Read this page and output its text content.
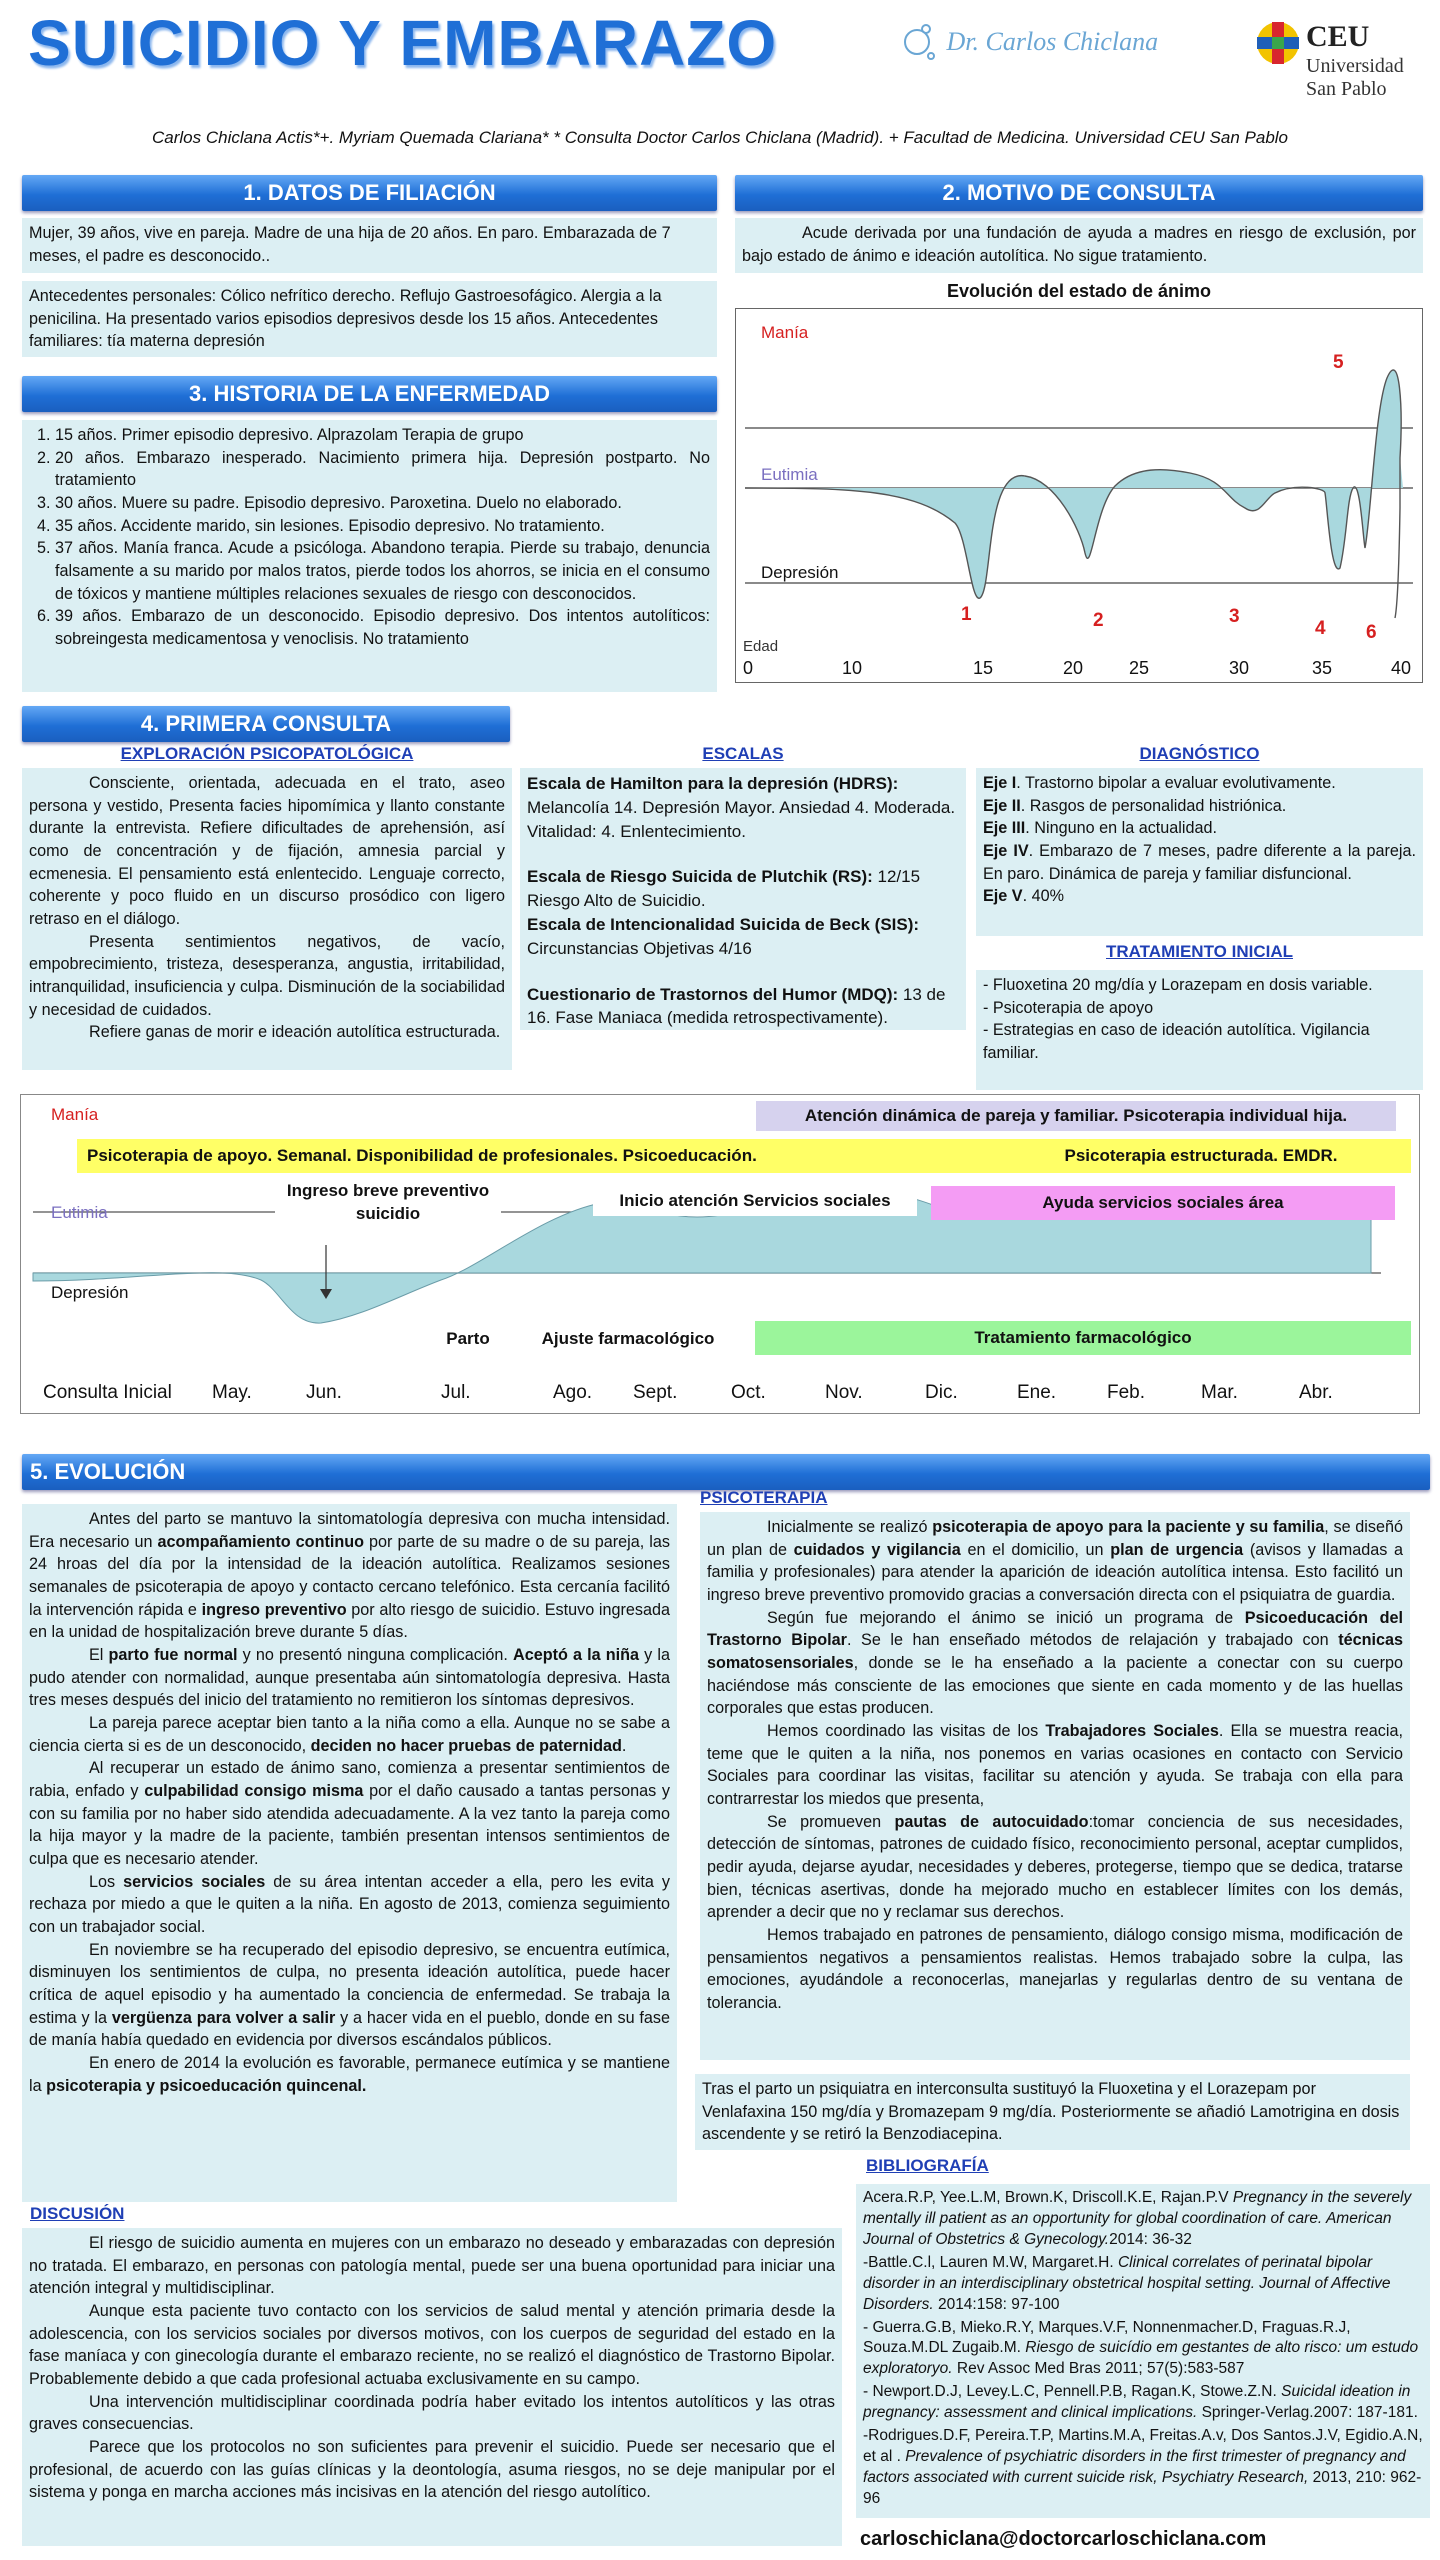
SUICIDIO Y EMBARAZO	Dr. Carlos Chiclana	CEU
Universidad
San Pablo
Carlos Chiclana Actis*+. Myriam Quemada Clariana* * Consulta Doctor Carlos Chiclana (Madrid). + Facultad de Medicina. Universidad CEU San Pablo
1. DATOS DE FILIACIÓN

Mujer, 39 años, vive en pareja. Madre de una hija de 20 años. En paro. Embarazada de 7 meses, el padre es desconocido..

Antecedentes personales: Cólico nefrítico derecho. Reflujo Gastroesofágico. Alergia a la penicilina. Ha presentado varios episodios depresivos desde los 15 años. Antecedentes familiares: tía materna depresión

2. MOTIVO DE CONSULTA

Acude derivada por una fundación de ayuda a madres en riesgo de exclusión, por bajo estado de ánimo e ideación autolítica. No sigue tratamiento.

Evolución del estado de ánimo
Manía
Eutimia
Depresión
Edad
0	10	15	20	25	30	35	40
1	2	3
4
5
6
3. HISTORIA DE LA ENFERMEDAD
1. 15 años. Primer episodio depresivo. Alprazolam Terapia de grupo
2. 20 años. Embarazo inesperado. Nacimiento primera hija. Depresión postparto. No tratamiento
3. 30 años. Muere su padre. Episodio depresivo. Paroxetina. Duelo no elaborado.
4. 35 años. Accidente marido, sin lesiones. Episodio depresivo. No tratamiento.
5. 37 años. Manía franca. Acude a psicóloga. Abandono terapia. Pierde su trabajo, denuncia falsamente a su marido por malos tratos, pierde todos los ahorros, se inicia en el consumo de tóxicos y mantiene múltiples relaciones sexuales de riesgo con desconocidos.
6. 39 años. Embarazo de un desconocido. Episodio depresivo. Dos intentos autolíticos: sobreingesta medicamentosa y venoclisis. No tratamiento
4. PRIMERA CONSULTA
EXPLORACIÓN PSICOPATOLÓGICA

Consciente, orientada, adecuada en el trato, aseo persona y vestido, Presenta facies hipomímica y llanto constante durante la entrevista. Refiere dificultades de aprehensión, así como de concentración y de fijación, amnesia parcial y ecmenesia. El pensamiento está enlentecido. Lenguaje correcto, coherente y poco fluido en un discurso prosódico con ligero retraso en el diálogo.

Presenta sentimientos negativos, de vacío, empobrecimiento, tristeza, desesperanza, angustia, irritabilidad, intranquilidad, insuficiencia y culpa. Disminución de la sociabilidad y necesidad de cuidados.

Refiere ganas de morir e ideación autolítica estructurada.

ESCALAS

Escala de Hamilton para la depresión (HDRS): Melancolía 14. Depresión Mayor. Ansiedad 4. Moderada. Vitalidad: 4. Enlentecimiento.

Escala de Riesgo Suicida de Plutchik (RS): 12/15 Riesgo Alto de Suicidio.

Escala de Intencionalidad Suicida de Beck (SIS): Circunstancias Objetivas 4/16

Cuestionario de Trastornos del Humor (MDQ): 13 de 16. Fase Maniaca (medida retrospectivamente).

DIAGNÓSTICO

Eje I. Trastorno bipolar a evaluar evolutivamente.

Eje II. Rasgos de personalidad histriónica.

Eje III. Ninguno en la actualidad.

Eje IV. Embarazo de 7 meses, padre diferente a la pareja. En paro. Dinámica de pareja y familiar disfuncional.

Eje V. 40%

TRATAMIENTO INICIAL

- Fluoxetina 20 mg/día y Lorazepam en dosis variable.

- Psicoterapia de apoyo

- Estrategias en caso de ideación autolítica. Vigilancia familiar.

Manía
Eutimia
Depresión
Atención dinámica de pareja y familiar. Psicoterapia individual hija.
Psicoterapia de apoyo. Semanal. Disponibilidad de profesionales. Psicoeducación.	Psicoterapia estructurada. EMDR.
Ingreso breve preventivo suicidio
Inicio atención Servicios sociales	Ayuda servicios sociales área
Parto	Ajuste farmacológico	Tratamiento farmacológico
Consulta Inicial May.	Jun.	Jul.	Ago. Sept.	Oct.	Nov.	Dic.	Ene.	Feb.	Mar.	Abr.
5. EVOLUCIÓN

Antes del parto se mantuvo la sintomatología depresiva con mucha intensidad. Era necesario un acompañamiento continuo por parte de su madre o de su pareja, las 24 hroas del día por la intensidad de la ideación autolítica. Realizamos sesiones semanales de psicoterapia de apoyo y contacto cercano telefónico. Esta cercanía facilitó la intervención rápida e ingreso preventivo por alto riesgo de suicidio. Estuvo ingresada en la unidad de hospitalización breve durante 5 días.

El parto fue normal y no presentó ninguna complicación. Aceptó a la niña y la pudo atender con normalidad, aunque presentaba aún sintomatología depresiva. Hasta tres meses después del inicio del tratamiento no remitieron los síntomas depresivos.

La pareja parece aceptar bien tanto a la niña como a ella. Aunque no se sabe a ciencia cierta si es de un desconocido, deciden no hacer pruebas de paternidad.

Al recuperar un estado de ánimo sano, comienza a presentar sentimientos de rabia, enfado y culpabilidad consigo misma por el daño causado a tantas personas y con su familia por no haber sido atendida adecuadamente. A la vez tanto la pareja como la hija mayor y la madre de la paciente, también presentan intensos sentimientos de culpa que es necesario atender.

Los servicios sociales de su área intentan acceder a ella, pero les evita y rechaza por miedo a que le quiten a la niña. En agosto de 2013, comienza seguimiento con un trabajador social.

En noviembre se ha recuperado del episodio depresivo, se encuentra eutímica, disminuyen los sentimientos de culpa, no presenta ideación autolítica, puede hacer crítica de aquel episodio y ha aumentado la conciencia de enfermedad. Se trabaja la estima y la vergüenza para volver a salir y a hacer vida en el pueblo, donde en su fase de manía había quedado en evidencia por diversos escándalos públicos.

En enero de 2014 la evolución es favorable, permanece eutímica y se mantiene la psicoterapia y psicoeducación quincenal.

PSICOTERAPIA

Inicialmente se realizó psicoterapia de apoyo para la paciente y su familia, se diseñó un plan de cuidados y vigilancia en el domicilio, un plan de urgencia (avisos y llamadas a familia y profesionales) para atender la aparición de ideación autolítica intensa. Esto facilitó un ingreso breve preventivo promovido gracias a conversación directa con el psiquiatra de guardia.

Según fue mejorando el ánimo se inició un programa de Psicoeducación del Trastorno Bipolar. Se le han enseñado métodos de relajación y trabajado con técnicas somatosensoriales, donde se le ha enseñado a la paciente a conectar con su cuerpo haciéndose más consciente de las emociones que siente en cada momento y de las huellas corporales que estas producen.

Hemos coordinado las visitas de los Trabajadores Sociales. Ella se muestra reacia, teme que le quiten a la niña, nos ponemos en varias ocasiones en contacto con Servicio Sociales para coordinar las visitas, facilitar su atención y ayuda. Se trabaja con ella para contrarrestar los miedos que presenta,

Se promueven pautas de autocuidado:tomar conciencia de sus necesidades, detección de síntomas, patrones de cuidado físico, reconocimiento personal, aceptar cumplidos, pedir ayuda, dejarse ayudar, necesidades y deberes, protegerse, tiempo que se dedica, tratarse bien, técnicas asertivas, donde ha mejorado mucho en establecer límites con los demás, aprender a decir que no y reclamar sus derechos.

Hemos trabajado en patrones de pensamiento, diálogo consigo misma, modificación de pensamientos negativos a pensamientos realistas. Hemos trabajado sobre la culpa, las emociones, ayudándole a reconocerlas, manejarlas y regularlas dentro de su ventana de tolerancia.

Tras el parto un psiquiatra en interconsulta sustituyó la Fluoxetina y el Lorazepam por Venlafaxina 150 mg/día y Bromazepam 9 mg/día. Posteriormente se añadió Lamotrigina en dosis ascendente y se retiró la Benzodiacepina.

DISCUSIÓN

El riesgo de suicidio aumenta en mujeres con un embarazo no deseado y embarazadas con depresión no tratada. El embarazo, en personas con patología mental, puede ser una buena oportunidad para iniciar una atención integral y multidisciplinar.

Aunque esta paciente tuvo contacto con los servicios de salud mental y atención primaria desde la adolescencia, con los servicios sociales por diversos motivos, con los cuerpos de seguridad del estado en la fase maníaca y con ginecología durante el embarazo reciente, no se realizó el diagnóstico de Trastorno Bipolar. Probablemente debido a que cada profesional actuaba exclusivamente en su campo.

Una intervención multidisciplinar coordinada podría haber evitado los intentos autolíticos y las otras graves consecuencias.

Parece que los protocolos no son suficientes para prevenir el suicidio. Puede ser necesario que el profesional, de acuerdo con las guías clínicas y la deontología, asuma riesgos, no se deje manipular por el sistema y ponga en marcha acciones más incisivas en la atención del riesgo autolítico.

BIBLIOGRAFÍA

Acera.R.P, Yee.L.M, Brown.K, Driscoll.K.E, Rajan.P.V Pregnancy in the severely mentally ill patient as an opportunity for global coordination of care. American Journal of Obstetrics & Gynecology.2014: 36-32

-Battle.C.l, Lauren M.W, Margaret.H. Clinical correlates of perinatal bipolar disorder in an interdisciplinary obstetrical hospital setting. Journal of Affective Disorders. 2014:158: 97-100

- Guerra.G.B, Mieko.R.Y, Marques.V.F, Nonnenmacher.D, Fraguas.R.J, Souza.M.DL Zugaib.M. Riesgo de suicídio em gestantes de alto risco: um estudo exploratoryo. Rev Assoc Med Bras 2011; 57(5):583-587

- Newport.D.J, Levey.L.C, Pennell.P.B, Ragan.K, Stowe.Z.N. Suicidal ideation in pregnancy: assessment and clinical implications. Springer-Verlag.2007: 187-181.

-Rodrigues.D.F, Pereira.T.P, Martins.M.A, Freitas.A.v, Dos Santos.J.V, Egidio.A.N, et al . Prevalence of psychiatric disorders in the first trimester of pregnancy and factors associated with current suicide risk, Psychiatry Research, 2013, 210: 962-96

carloschiclana@doctorcarloschiclana.com
